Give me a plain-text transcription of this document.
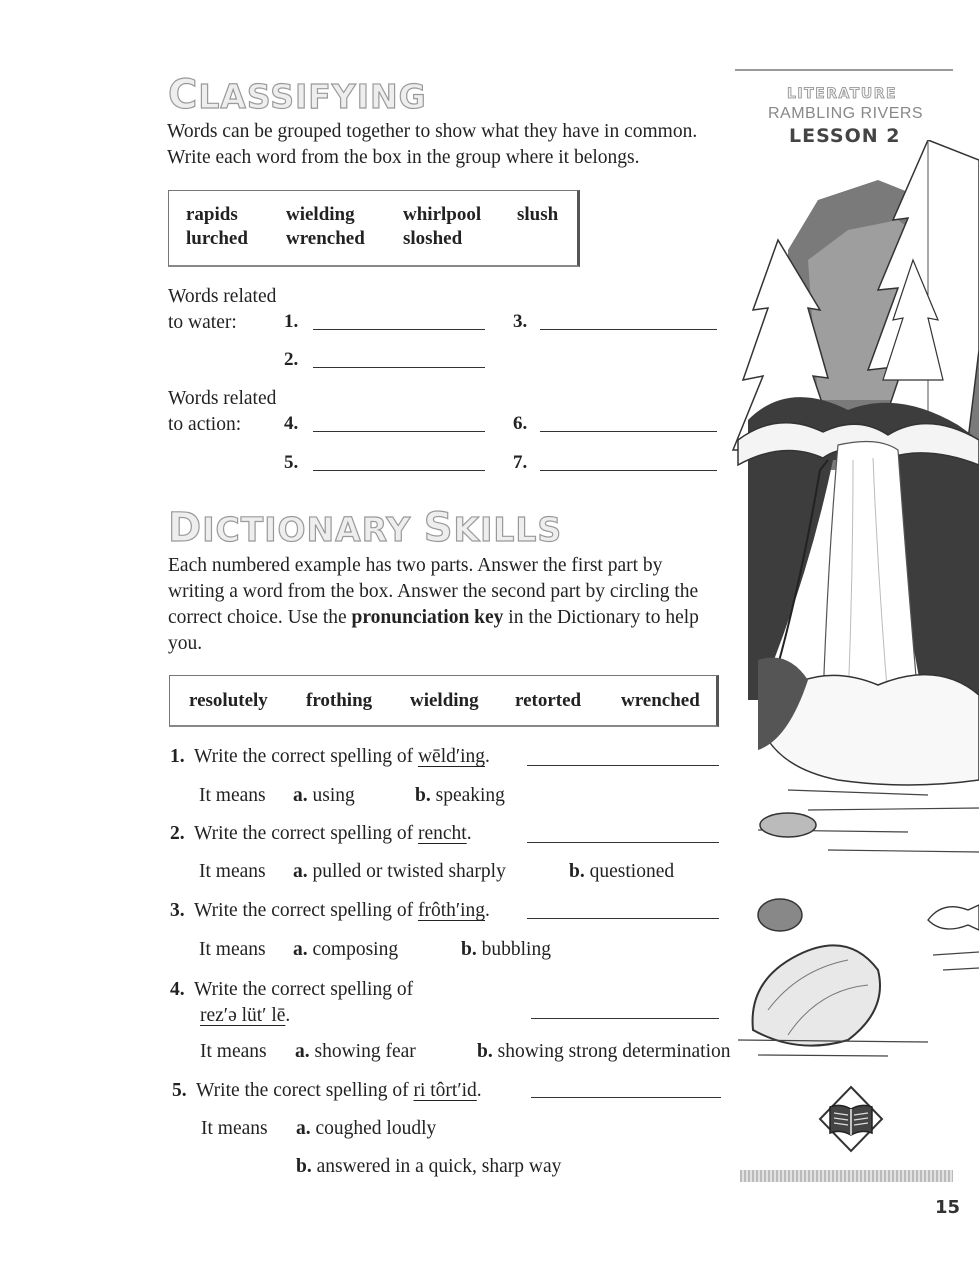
CLASSIFYING
Words can be grouped together to show what they have in common. Write each word from the box in the group where it belongs.
rapids	wielding	whirlpool slush
lurched wrenched sloshed
Words related
to water:	1.	3.
2.
Words related
to action:	4.	6.
5.	7.
DICTIONARY SKILLS
Each numbered example has two parts. Answer the first part by writing a word from the box. Answer the second part by circling the correct choice. Use the pronunciation key in the Dictionary to help you.
resolutely frothing wielding retorted wrenched
1. Write the correct spelling of wēld′ing.
It means a. using	b. speaking
2. Write the correct spelling of rencht.
It means a. pulled or twisted sharply	b. questioned
3. Write the correct spelling of frôth′ing.
It means a. composing	b. bubbling
4. Write the correct spelling of
rez′ə lüt′ lē.
It means a. showing fear	b. showing strong determination
5. Write the corect spelling of ri tôrt′id.
It means a. coughed loudly
b. answered in a quick, sharp way
LITERATURE
RAMBLING RIVERS
LESSON 2
15
